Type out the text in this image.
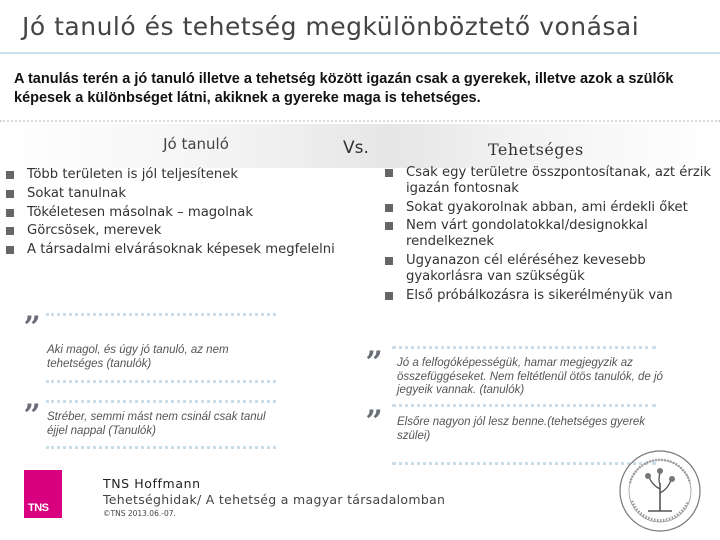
Jó tanuló és tehetség megkülönböztető vonásai
A tanulás terén a jó tanuló illetve a tehetség között igazán csak a gyerekek, illetve azok a szülők képesek a különbséget látni, akiknek a gyereke maga is tehetséges.
Jó tanuló	Vs.	Tehetséges
Több területen is jól teljesítenek
Sokat tanulnak
Tökéletesen másolnak – magolnak
Görcsösek, merevek
A társadalmi elvárásoknak képesek megfelelni
Csak egy területre összpontosítanak, azt érzik igazán fontosnak
Sokat gyakorolnak abban, ami érdekli őket
Nem várt gondolatokkal/designokkal rendelkeznek
Ugyanazon cél eléréséhez kevesebb gyakorlásra van szükségük
Első próbálkozásra is sikerélményük van
„
Aki magol, és úgy jó tanuló, az nem tehetséges (tanulók)
„
Stréber, semmi mást nem csinál csak tanul éjjel nappal (Tanulók)
„ Jó a felfogóképességük, hamar megjegyzik az összefüggéseket. Nem feltétlenül ötös tanulók, de jó jegyeik vannak. (tanulók)
„ Elsőre nagyon jól lesz benne.(tehetséges gyerek szülei)
TNS
TNS Hoffmann
Tehetséghidak/ A tehetség a magyar társadalomban
©TNS 2013.06.-07.
